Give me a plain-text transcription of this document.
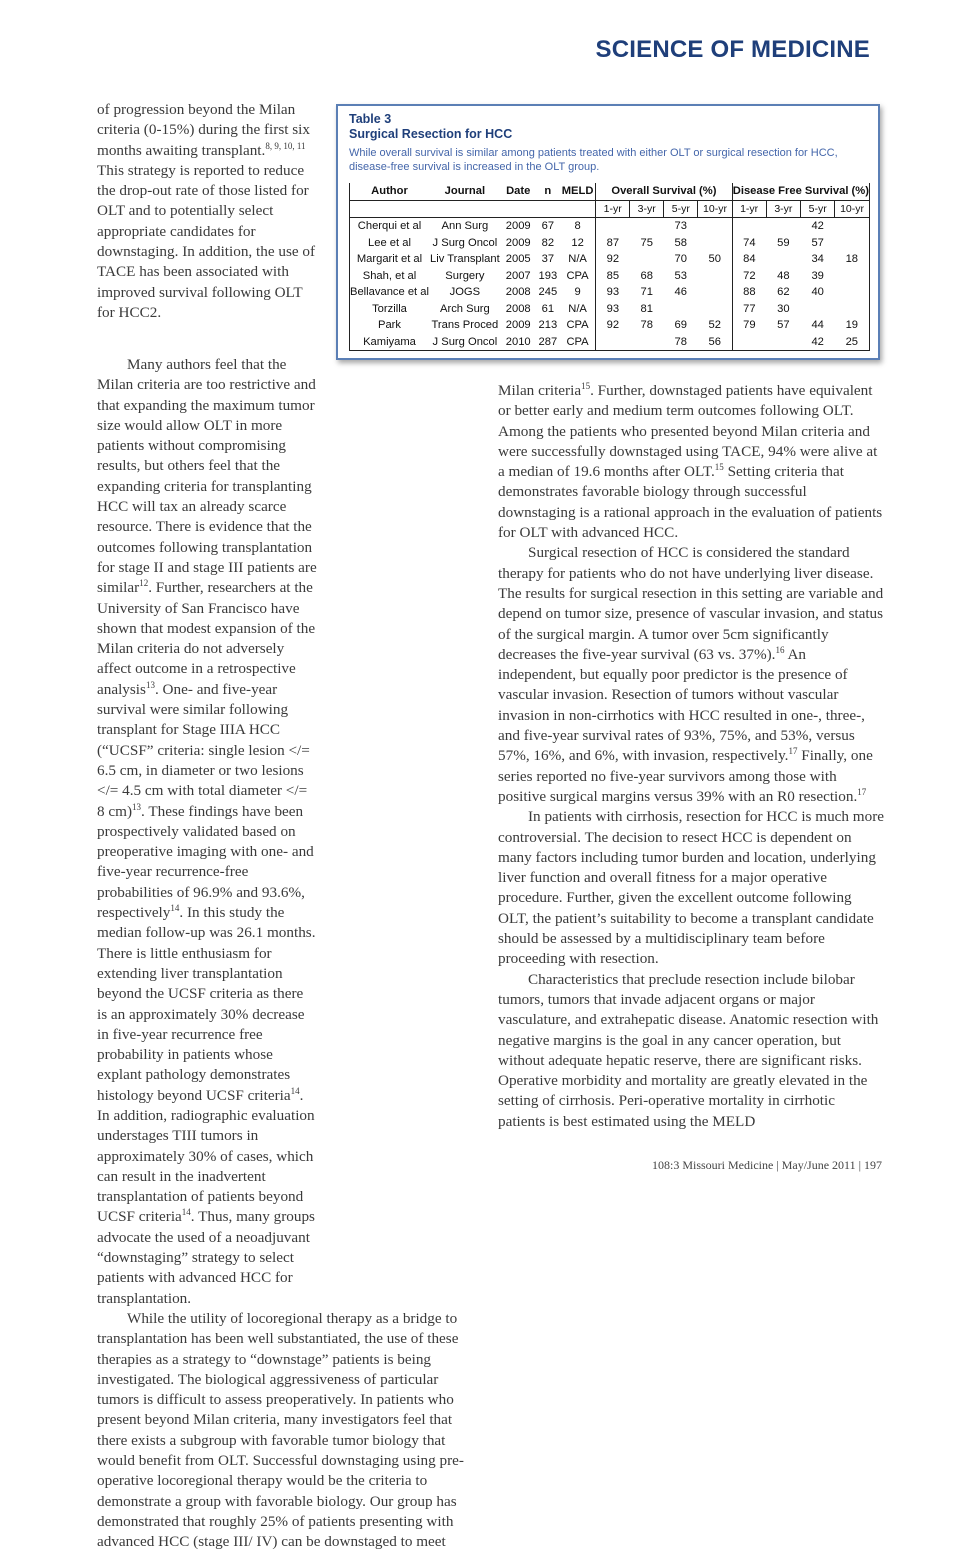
SCIENCE OF MEDICINE

of progression beyond the Milan criteria (0-15%) during the first six months awaiting transplant.$^{8, 9, 10, 11}$ This strategy is reported to reduce the drop-out rate of those listed for OLT and to potentially select appropriate candidates for downstaging. In addition, the use of TACE has been associated with improved survival following OLT for HCC2.

Table 3
Surgical Resection for HCC
While overall survival is similar among patients treated with either OLT or surgical resection for HCC, disease-free survival is increased in the OLT group.
Author	Journal	Date	n	MELD	Overall Survival (%)				Disease Free Survival (%)			
					1-yr	3-yr	5-yr	10-yr	1-yr	3-yr	5-yr	10-yr
Cherqui et al	Ann Surg	2009	67	8			73				42	
Lee et al	J Surg Oncol	2009	82	12	87	75	58		74	59	57	
Margarit et al	Liv Transplant	2005	37	N/A	92		70	50	84		34	18
Shah, et al	Surgery	2007	193	CPA	85	68	53		72	48	39	
Bellavance et al	JOGS	2008	245	9	93	71	46		88	62	40	
Torzilla	Arch Surg	2008	61	N/A	93	81			77	30		
Park	Trans Proced	2009	213	CPA	92	78	69	52	79	57	44	19
Kamiyama	J Surg Oncol	2010	287	CPA			78	56			42	25

Many authors feel that the Milan criteria are too restrictive and that expanding the maximum tumor size would allow OLT in more patients without compromising results, but others feel that the expanding criteria for transplanting HCC will tax an already scarce resource. There is evidence that the outcomes following transplantation for stage II and stage III patients are similar$^{12}$. Further, researchers at the University of San Francisco have shown that modest expansion of the Milan criteria do not adversely affect outcome in a retrospective analysis$^{13}$. One- and five-year survival were similar following transplant for Stage IIIA HCC (“UCSF” criteria: single lesion </= 6.5 cm, in diameter or two lesions </= 4.5 cm with total diameter </= 8 cm)$^{13}$. These findings have been prospectively validated based on preoperative imaging with one- and five-year recurrence-free probabilities of 96.9% and 93.6%, respectively$^{14}$. In this study the median follow-up was 26.1 months. There is little enthusiasm for extending liver transplantation beyond the UCSF criteria as there is an approximately 30% decrease in five-year recurrence free probability in patients whose explant pathology demonstrates histology beyond UCSF criteria$^{14}$. In addition, radiographic evaluation understages TIII tumors in approximately 30% of cases, which can result in the inadvertent transplantation of patients beyond UCSF criteria$^{14}$. Thus, many groups advocate the used of a neoadjuvant “downstaging” strategy to select patients with advanced HCC for transplantation.

While the utility of locoregional therapy as a bridge to transplantation has been well substantiated, the use of these therapies as a strategy to “downstage” patients is being investigated. The biological aggressiveness of particular tumors is difficult to assess preoperatively. In patients who present beyond Milan criteria, many investigators feel that there exists a subgroup with favorable tumor biology that would benefit from OLT. Successful downstaging using pre-operative locoregional therapy would be the criteria to demonstrate a group with favorable biology. Our group has demonstrated that roughly 25% of patients presenting with advanced HCC (stage III/ IV) can be downstaged to meet

Milan criteria$^{15}$. Further, downstaged patients have equivalent or better early and medium term outcomes following OLT. Among the patients who presented beyond Milan criteria and were successfully downstaged using TACE, 94% were alive at a median of 19.6 months after OLT.$^{15}$ Setting criteria that demonstrates favorable biology through successful downstaging is a rational approach in the evaluation of patients for OLT with advanced HCC.

Surgical resection of HCC is considered the standard therapy for patients who do not have underlying liver disease. The results for surgical resection in this setting are variable and depend on tumor size, presence of vascular invasion, and status of the surgical margin. A tumor over 5cm significantly decreases the five-year survival (63 vs. 37%).$^{16}$ An independent, but equally poor predictor is the presence of vascular invasion. Resection of tumors without vascular invasion in non-cirrhotics with HCC resulted in one-, three-, and five-year survival rates of 93%, 75%, and 53%, versus 57%, 16%, and 6%, with invasion, respectively.$^{17}$ Finally, one series reported no five-year survivors among those with positive surgical margins versus 39% with an R0 resection.$^{17}$

In patients with cirrhosis, resection for HCC is much more controversial. The decision to resect HCC is dependent on many factors including tumor burden and location, underlying liver function and overall fitness for a major operative procedure. Further, given the excellent outcome following OLT, the patient’s suitability to become a transplant candidate should be assessed by a multidisciplinary team before proceeding with resection.

Characteristics that preclude resection include bilobar tumors, tumors that invade adjacent organs or major vasculature, and extrahepatic disease. Anatomic resection with negative margins is the goal in any cancer operation, but without adequate hepatic reserve, there are significant risks. Operative morbidity and mortality are greatly elevated in the setting of cirrhosis. Peri-operative mortality in cirrhotic patients is best estimated using the MELD

108:3 Missouri Medicine | May/June 2011 | 197
